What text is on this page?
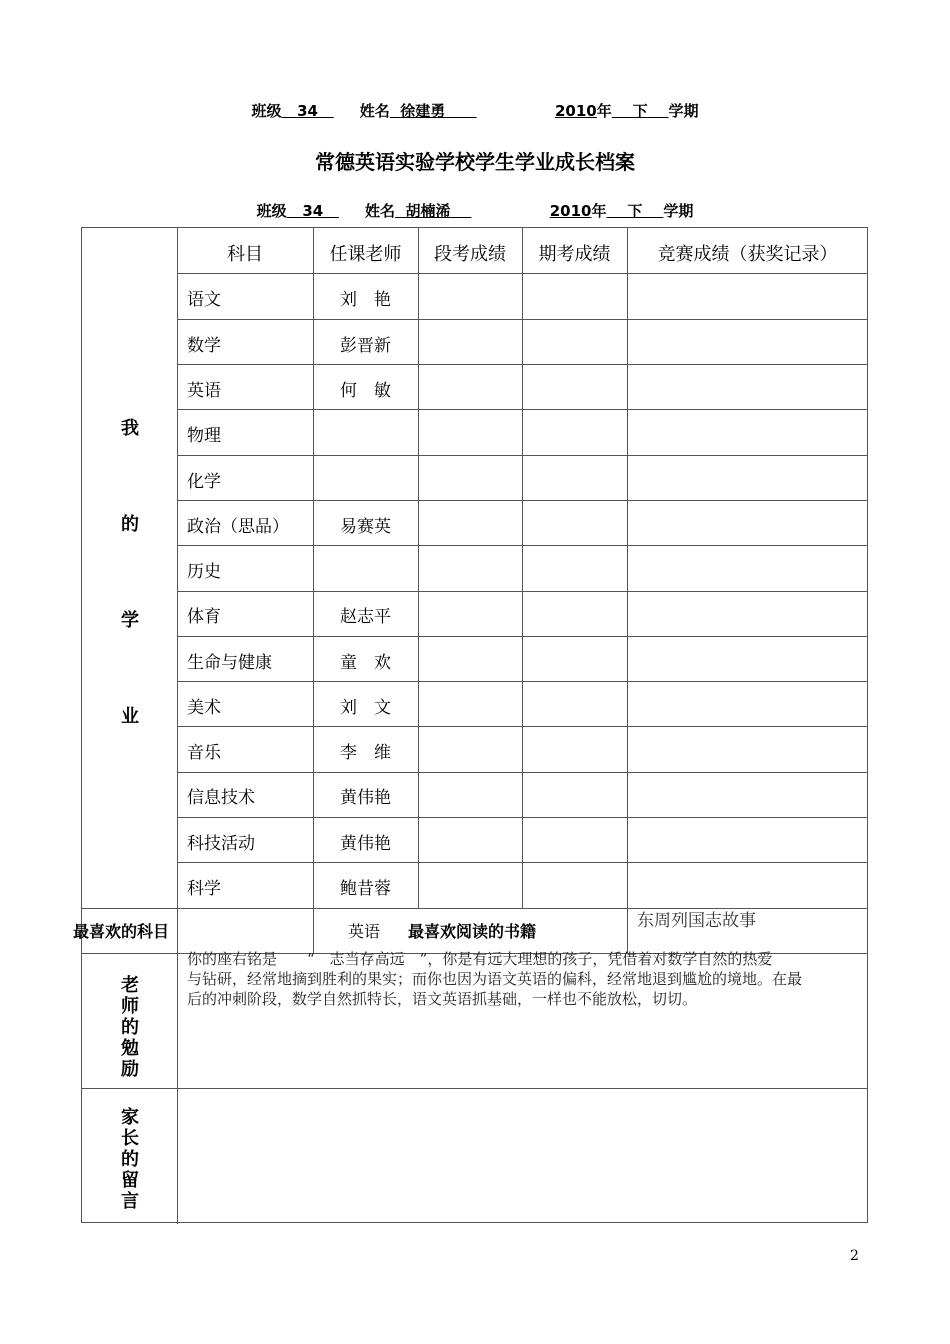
班级 34	姓名 徐建勇	2010年 下 学期
常德英语实验学校学生学业成长档案
班级 34	姓名 胡楠浠	2010年 下 学期
科目	任课老师	段考成绩	期考成绩	竞赛成绩（获奖记录）
我
的
学
业
语文	刘　艳
数学	彭晋新
英语	何　敏
物理
化学
政治（思品）	易赛英
历史
体育	赵志平
生命与健康	童　欢
美术	刘　文
音乐	李　维
信息技术	黄伟艳
科技活动	黄伟艳
科学	鲍昔蓉
最喜欢的科目	英语 最喜欢阅读的书籍
东周列国志故事
老
师
的
勉
励
你的座右铭是　　“　志当存高远　”，你是有远大理想的孩子，凭借着对数学自然的热爱
与钻研，经常地摘到胜利的果实；而你也因为语文英语的偏科，经常地退到尴尬的境地。在最
后的冲刺阶段，数学自然抓特长，语文英语抓基础，一样也不能放松，切切。
家
长
的
留
言
2
